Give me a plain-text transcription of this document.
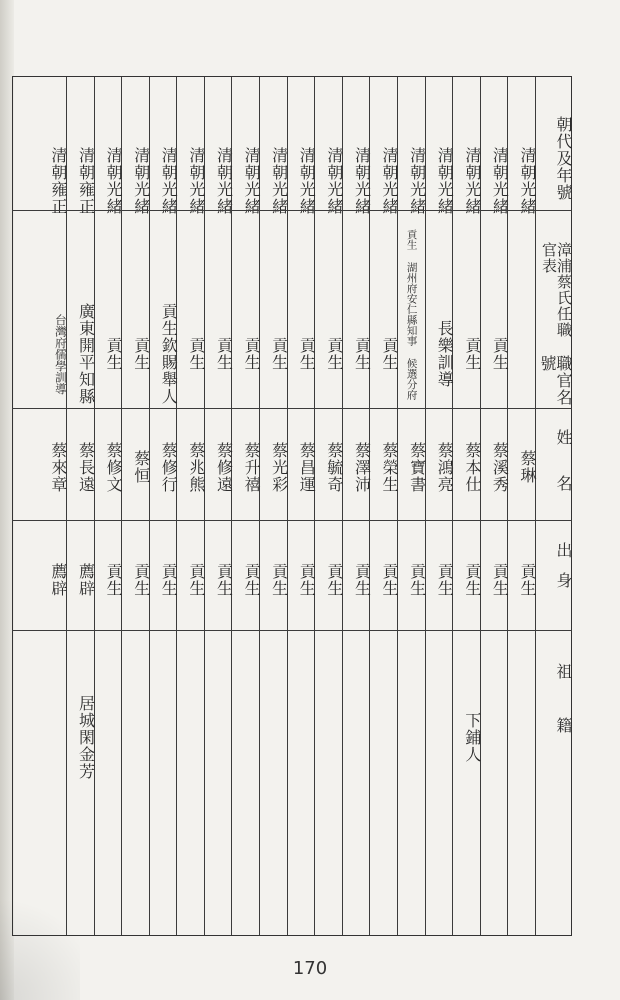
朝代及年號
漳浦蔡氏任職官表
職官名號
姓名
出身
祖籍
清朝光緒
蔡琳
貢生
清朝光緒
貢生
蔡溪秀
貢生
清朝光緒
貢生
蔡本仕
貢生
下鋪人
清朝光緒
長樂訓導
蔡鴻亮
貢生
清朝光緒
貢生 湖州府安仁縣知事 候選分府
蔡寶書
貢生
清朝光緒
貢生
蔡榮生
貢生
清朝光緒
貢生
蔡澤沛
貢生
清朝光緒
貢生
蔡毓奇
貢生
清朝光緒
貢生
蔡昌運
貢生
清朝光緒
貢生
蔡光彩
貢生
清朝光緒
貢生
蔡升禧
貢生
清朝光緒
貢生
蔡修遠
貢生
清朝光緒
貢生
蔡兆熊
貢生
清朝光緒
貢生欽賜舉人
蔡修行
貢生
清朝光緒
貢生
蔡恒
貢生
清朝光緒
貢生
蔡修文
貢生
清朝雍正
廣東開平知縣
蔡長遠
薦辟
居城閑金芳
清朝雍正
台灣府儒學訓導
蔡來章
薦辟
170
